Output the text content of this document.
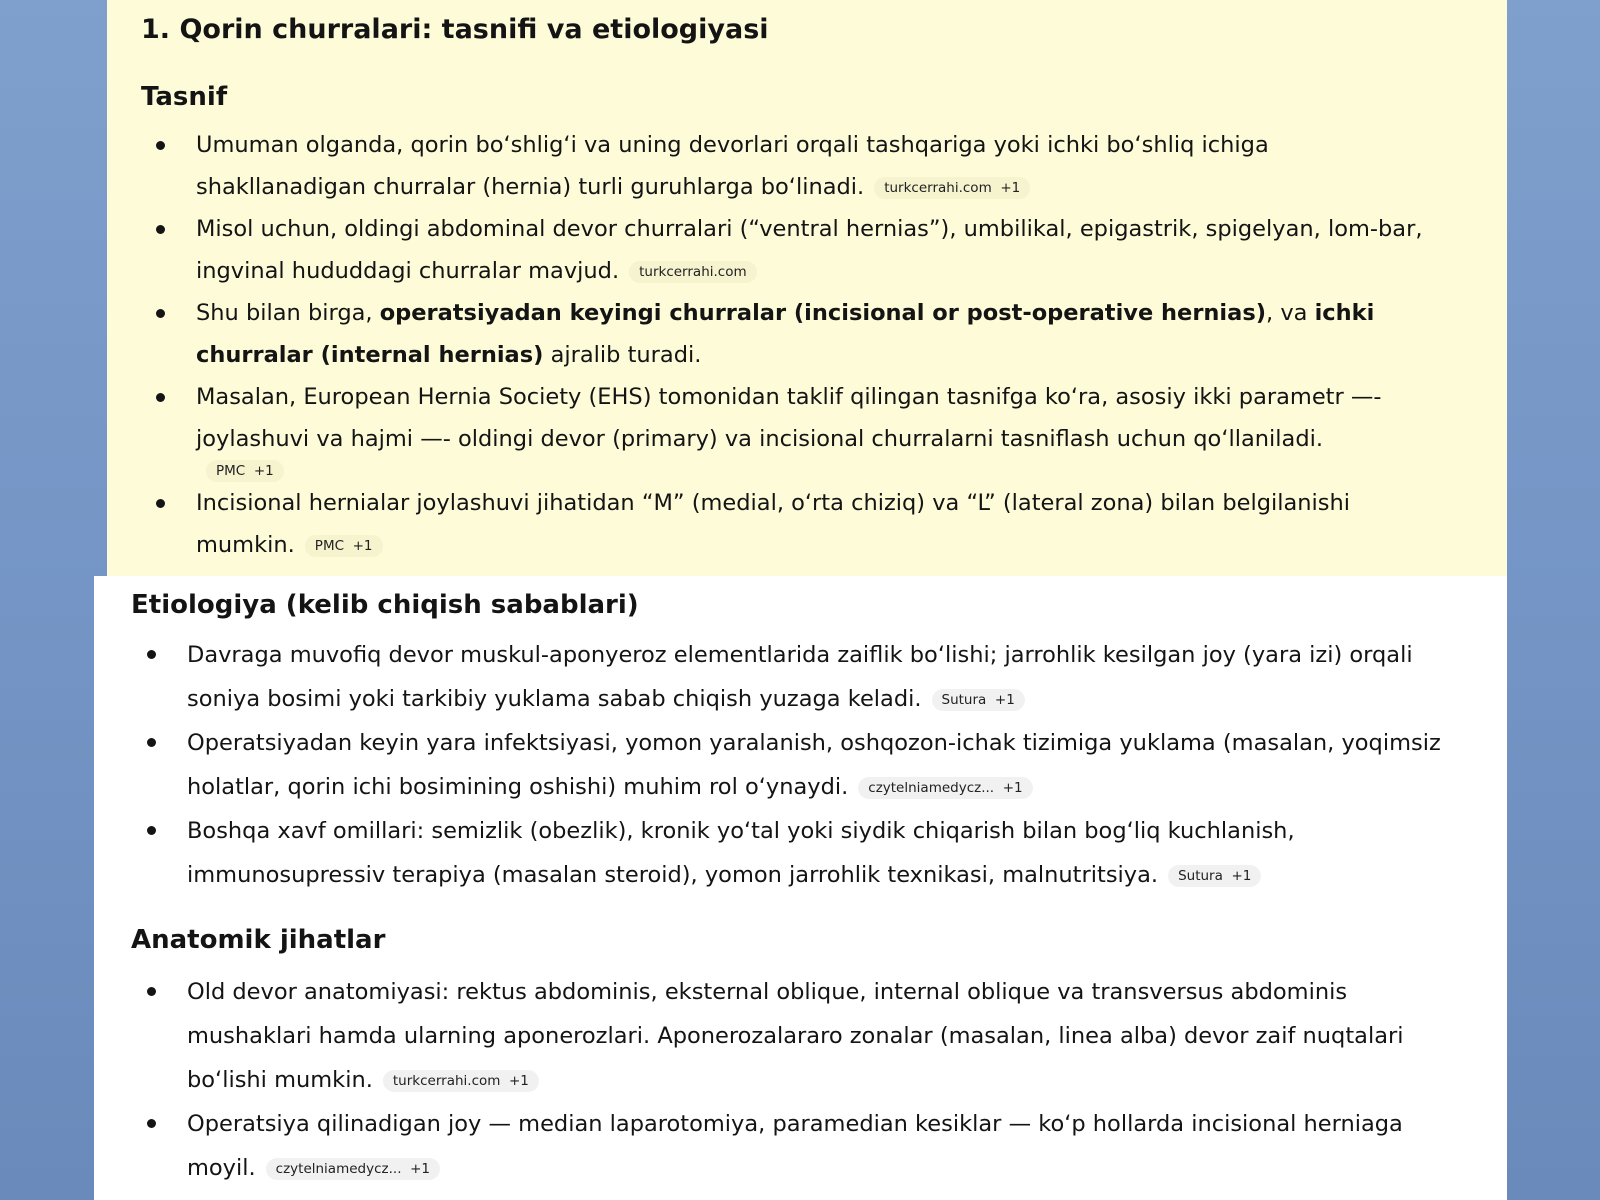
1. Qorin churralari: tasnifi va etiologiyasi
Tasnif
Umuman olganda, qorin bo‘shlig‘i va uning devorlari orqali tashqariga yoki ichki bo‘shliq ichiga shakllanadigan churralar (hernia) turli guruhlarga bo‘linadi. turkcerrahi.com +1
Misol uchun, oldingi abdominal devor churralari (“ventral hernias”), umbilikal, epigastrik, spigelyan, lom-bar, ingvinal hududdagi churralar mavjud. turkcerrahi.com
Shu bilan birga, operatsiyadan keyingi churralar (incisional or post-operative hernias), va ichki churralar (internal hernias) ajralib turadi.
Masalan, European Hernia Society (EHS) tomonidan taklif qilingan tasnifga ko‘ra, asosiy ikki parametr —- joylashuvi va hajmi —- oldingi devor (primary) va incisional churralarni tasniflash uchun qo‘llaniladi.
PMC +1
Incisional hernialar joylashuvi jihatidan “M” (medial, o‘rta chiziq) va “L” (lateral zona) bilan belgilanishi mumkin. PMC +1
Etiologiya (kelib chiqish sabablari)
Davraga muvofiq devor muskul-aponyeroz elementlarida zaiflik bo‘lishi; jarrohlik kesilgan joy (yara izi) orqali soniya bosimi yoki tarkibiy yuklama sabab chiqish yuzaga keladi. Sutura +1
Operatsiyadan keyin yara infektsiyasi, yomon yaralanish, oshqozon-ichak tizimiga yuklama (masalan, yoqimsiz holatlar, qorin ichi bosimining oshishi) muhim rol o‘ynaydi. czytelniamedycz... +1
Boshqa xavf omillari: semizlik (obezlik), kronik yo‘tal yoki siydik chiqarish bilan bog‘liq kuchlanish, immunosupressiv terapiya (masalan steroid), yomon jarrohlik texnikasi, malnutritsiya. Sutura +1
Anatomik jihatlar
Old devor anatomiyasi: rektus abdominis, eksternal oblique, internal oblique va transversus abdominis mushaklari hamda ularning aponerozlari. Aponerozalararo zonalar (masalan, linea alba) devor zaif nuqtalari bo‘lishi mumkin. turkcerrahi.com +1
Operatsiya qilinadigan joy — median laparotomiya, paramedian kesiklar — ko‘p hollarda incisional herniaga moyil. czytelniamedycz... +1
